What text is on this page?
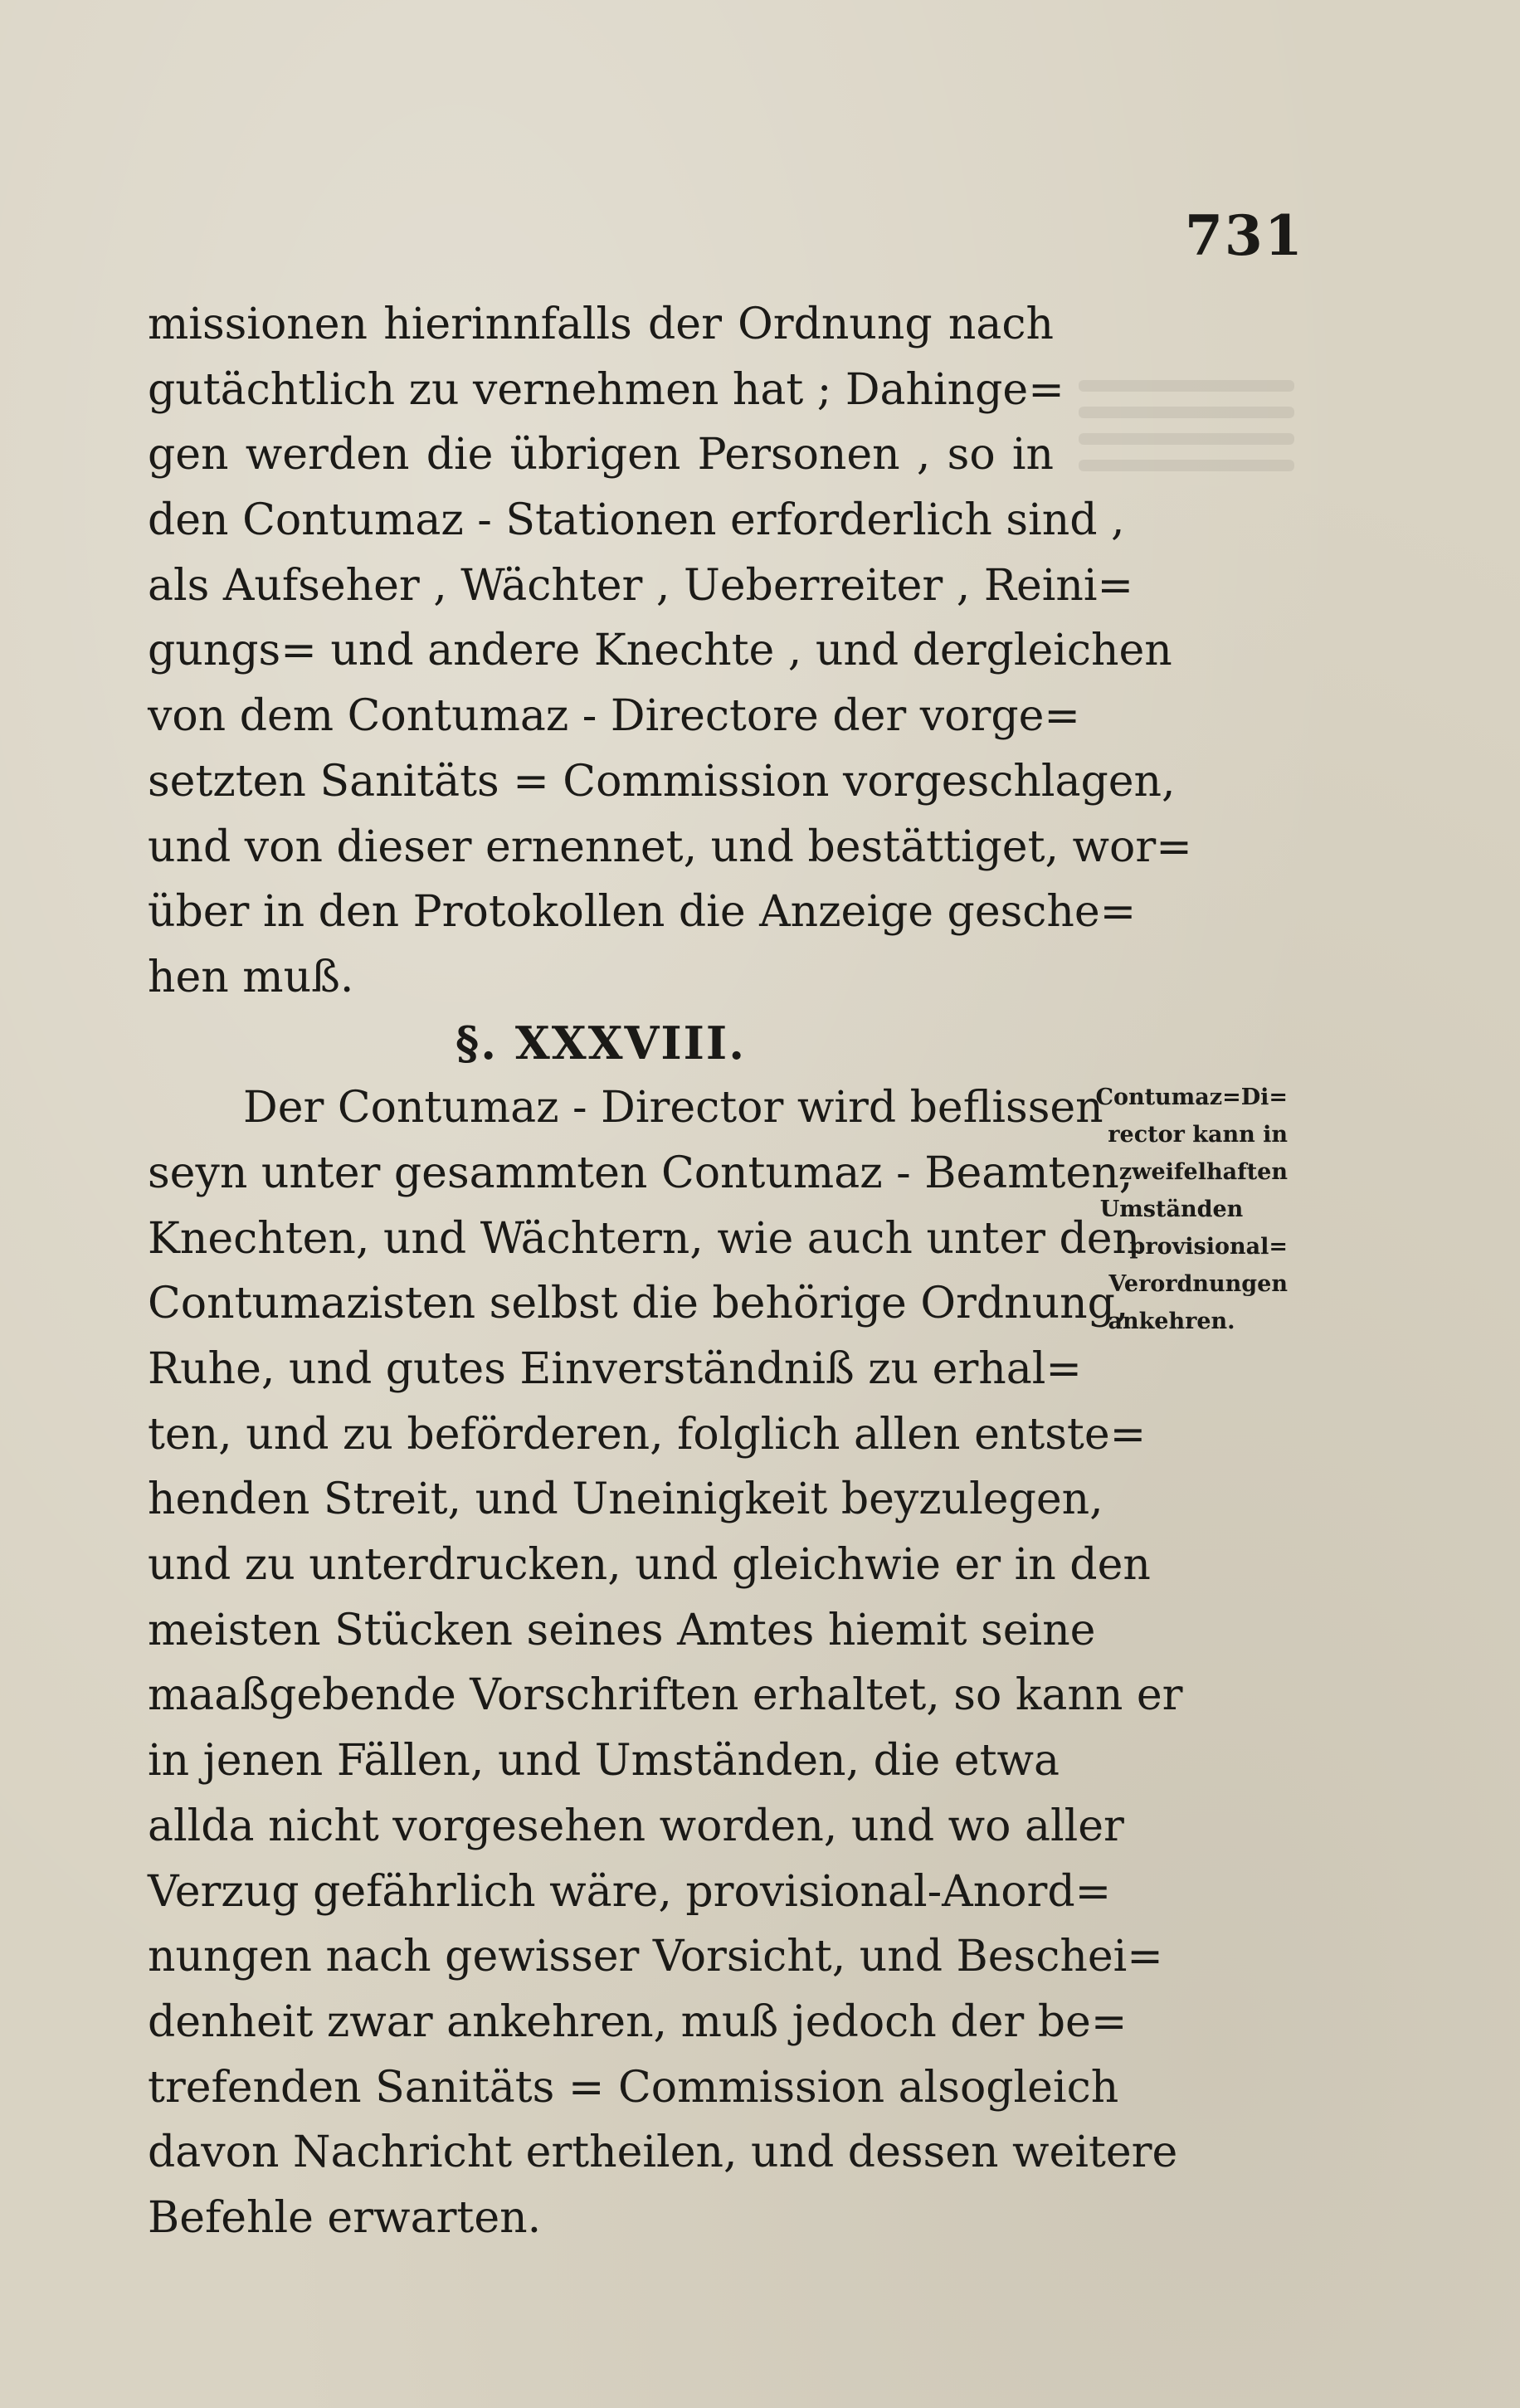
731
missionen hierinnfalls der Ordnung nach
gutächtlich zu vernehmen hat ; Dahinge=
gen werden die übrigen Personen , so in
den Contumaz - Stationen erforderlich sind ,
als Aufseher , Wächter , Ueberreiter , Reini=
gungs= und andere Knechte , und dergleichen
von dem Contumaz - Directore der vorge=
setzten Sanitäts = Commission vorgeschlagen,
und von dieser ernennet, und bestättiget, wor=
über in den Protokollen die Anzeige gesche=
hen muß.
§. XXXVIII.
Der Contumaz - Director wird beflissen
seyn unter gesammten Contumaz - Beamten,
Knechten, und Wächtern, wie auch unter den
Contumazisten selbst die behörige Ordnung,
Ruhe, und gutes Einverständniß zu erhal=
ten, und zu beförderen, folglich allen entste=
henden Streit, und Uneinigkeit beyzulegen,
und zu unterdrucken, und gleichwie er in den
meisten Stücken seines Amtes hiemit seine
maaßgebende Vorschriften erhaltet, so kann er
in jenen Fällen, und Umständen, die etwa
allda nicht vorgesehen worden, und wo aller
Verzug gefährlich wäre, provisional-Anord=
nungen nach gewisser Vorsicht, und Beschei=
denheit zwar ankehren, muß jedoch der be=
trefenden Sanitäts = Commission alsogleich
davon Nachricht ertheilen, und dessen weitere
Befehle erwarten.
Contumaz=Di=
rector kann in
zweifelhaften
Umständen
provisional=
Verordnungen
ankehren.
